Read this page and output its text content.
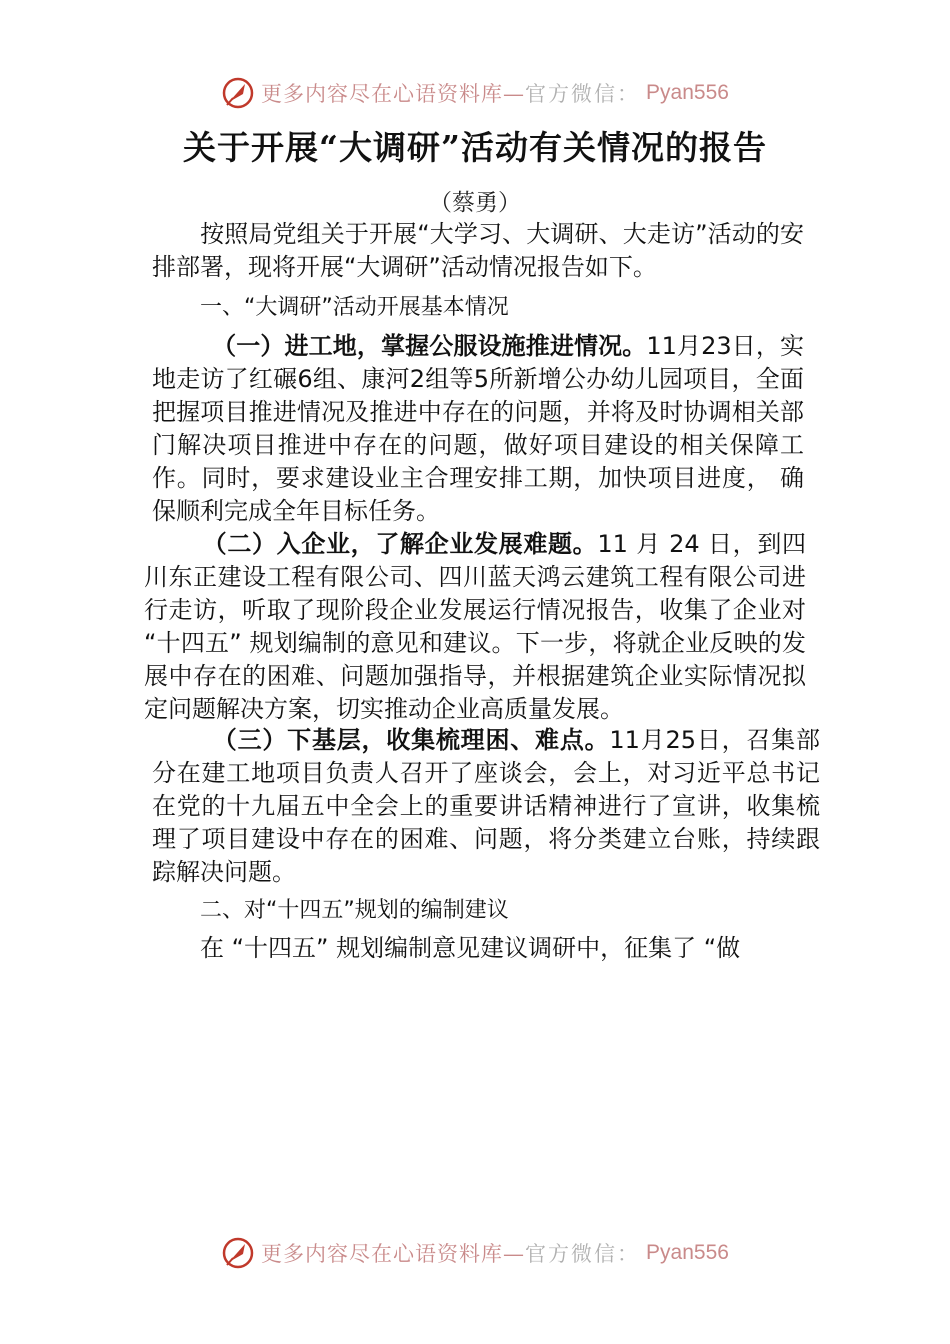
更多内容尽在心语资料库— 官方微信： Pyan556
关于开展“大调研”活动有关情况的报告
（蔡勇）

按照局党组关于开展“大学习、大调研、大走访”活动的安排部署，现将开展“大调研”活动情况报告如下。

一、“大调研”活动开展基本情况

（一）进工地，掌握公服设施推进情况。11月23日，实地走访了红碾6组、康河2组等5所新增公办幼儿园项目，全面把握项目推进情况及推进中存在的问题，并将及时协调相关部门解决项目推进中存在的问题，做好项目建设的相关保障工作。同时，要求建设业主合理安排工期，加快项目进度， 确保顺利完成全年目标任务。

（二）入企业，了解企业发展难题。11 月 24 日，到四川东正建设工程有限公司、四川蓝天鸿云建筑工程有限公司进行走访，听取了现阶段企业发展运行情况报告，收集了企业对 “十四五” 规划编制的意见和建议。下一步，将就企业反映的发展中存在的困难、问题加强指导，并根据建筑企业实际情况拟定问题解决方案，切实推动企业高质量发展。

（三）下基层，收集梳理困、难点。11月25日，召集部分在建工地项目负责人召开了座谈会，会上，对习近平总书记在党的十九届五中全会上的重要讲话精神进行了宣讲，收集梳理了项目建设中存在的困难、问题，将分类建立台账，持续跟踪解决问题。

二、对“十四五”规划的编制建议

在 “十四五” 规划编制意见建议调研中，征集了 “做

更多内容尽在心语资料库— 官方微信： Pyan556
